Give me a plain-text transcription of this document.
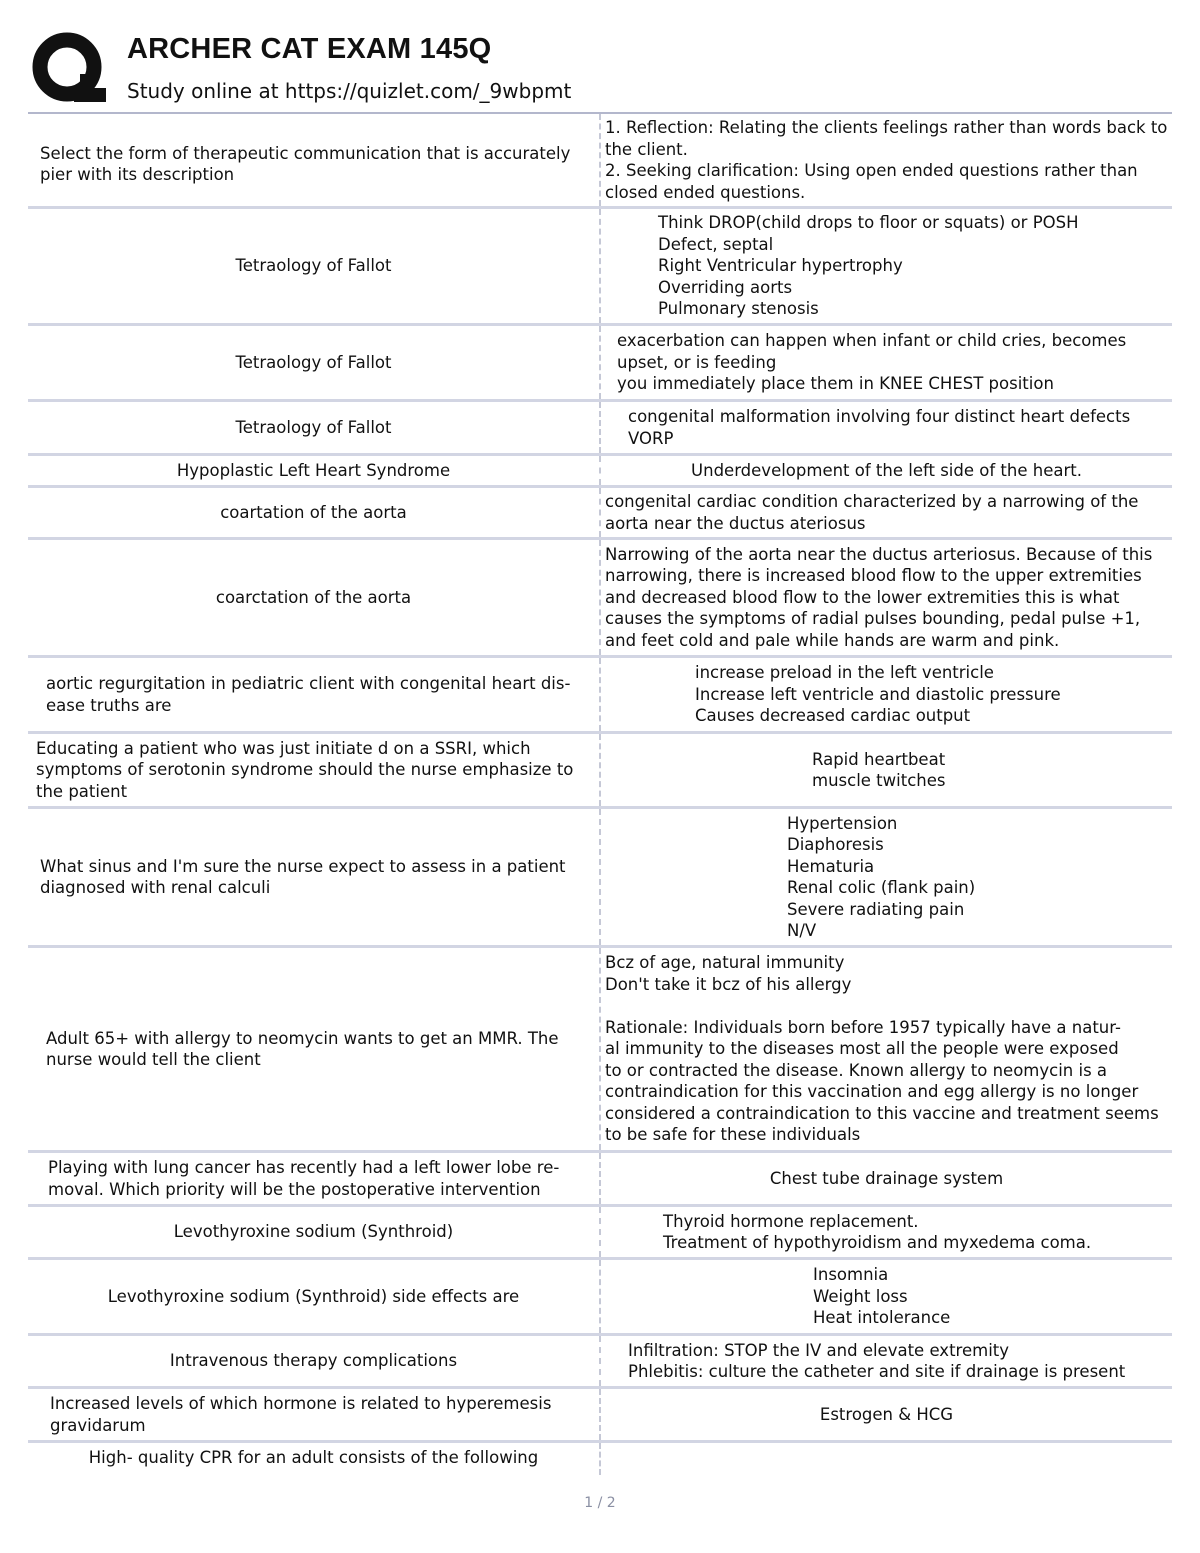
ARCHER CAT EXAM 145Q
Study online at https://quizlet.com/_9wbpmt
Select the form of therapeutic communication that is accurately pier with its description
1. Reflection: Relating the clients feelings rather than words back to the client.
2. Seeking clarification: Using open ended questions rather than closed ended questions.
Tetraology of Fallot
Think DROP(child drops to floor or squats) or POSH
Defect, septal
Right Ventricular hypertrophy
Overriding aorts
Pulmonary stenosis
Tetraology of Fallot
exacerbation can happen when infant or child cries, becomes upset, or is feeding
you immediately place them in KNEE CHEST position
Tetraology of Fallot
congenital malformation involving four distinct heart defects
VORP
Hypoplastic Left Heart Syndrome	Underdevelopment of the left side of the heart.
coartation of the aorta
congenital cardiac condition characterized by a narrowing of the aorta near the ductus ateriosus
coarctation of the aorta
Narrowing of the aorta near the ductus arteriosus. Because of this narrowing, there is increased blood flow to the upper extremities and decreased blood flow to the lower extremities this is what causes the symptoms of radial pulses bounding, pedal pulse +1, and feet cold and pale while hands are warm and pink.
aortic regurgitation in pediatric client with congenital heart dis-
ease truths are
increase preload in the left ventricle
Increase left ventricle and diastolic pressure
Causes decreased cardiac output
Educating a patient who was just initiate d on a SSRI, which symptoms of serotonin syndrome should the nurse emphasize to the patient
Rapid heartbeat
muscle twitches
What sinus and I'm sure the nurse expect to assess in a patient diagnosed with renal calculi
Hypertension
Diaphoresis
Hematuria
Renal colic (flank pain)
Severe radiating pain
N/V
Adult 65+ with allergy to neomycin wants to get an MMR. The nurse would tell the client
Bcz of age, natural immunity
Don't take it bcz of his allergy

Rationale: Individuals born before 1957 typically have a natur-
al immunity to the diseases most all the people were exposed
to or contracted the disease. Known allergy to neomycin is a
contraindication for this vaccination and egg allergy is no longer
considered a contraindication to this vaccine and treatment seems
to be safe for these individuals
Playing with lung cancer has recently had a left lower lobe re-
moval. Which priority will be the postoperative intervention
Chest tube drainage system
Levothyroxine sodium (Synthroid)
Thyroid hormone replacement.
Treatment of hypothyroidism and myxedema coma.
Levothyroxine sodium (Synthroid) side effects are
Insomnia
Weight loss
Heat intolerance
Intravenous therapy complications
Infiltration: STOP the IV and elevate extremity
Phlebitis: culture the catheter and site if drainage is present
Increased levels of which hormone is related to hyperemesis gravidarum
Estrogen & HCG
High- quality CPR for an adult consists of the following
1 / 2
